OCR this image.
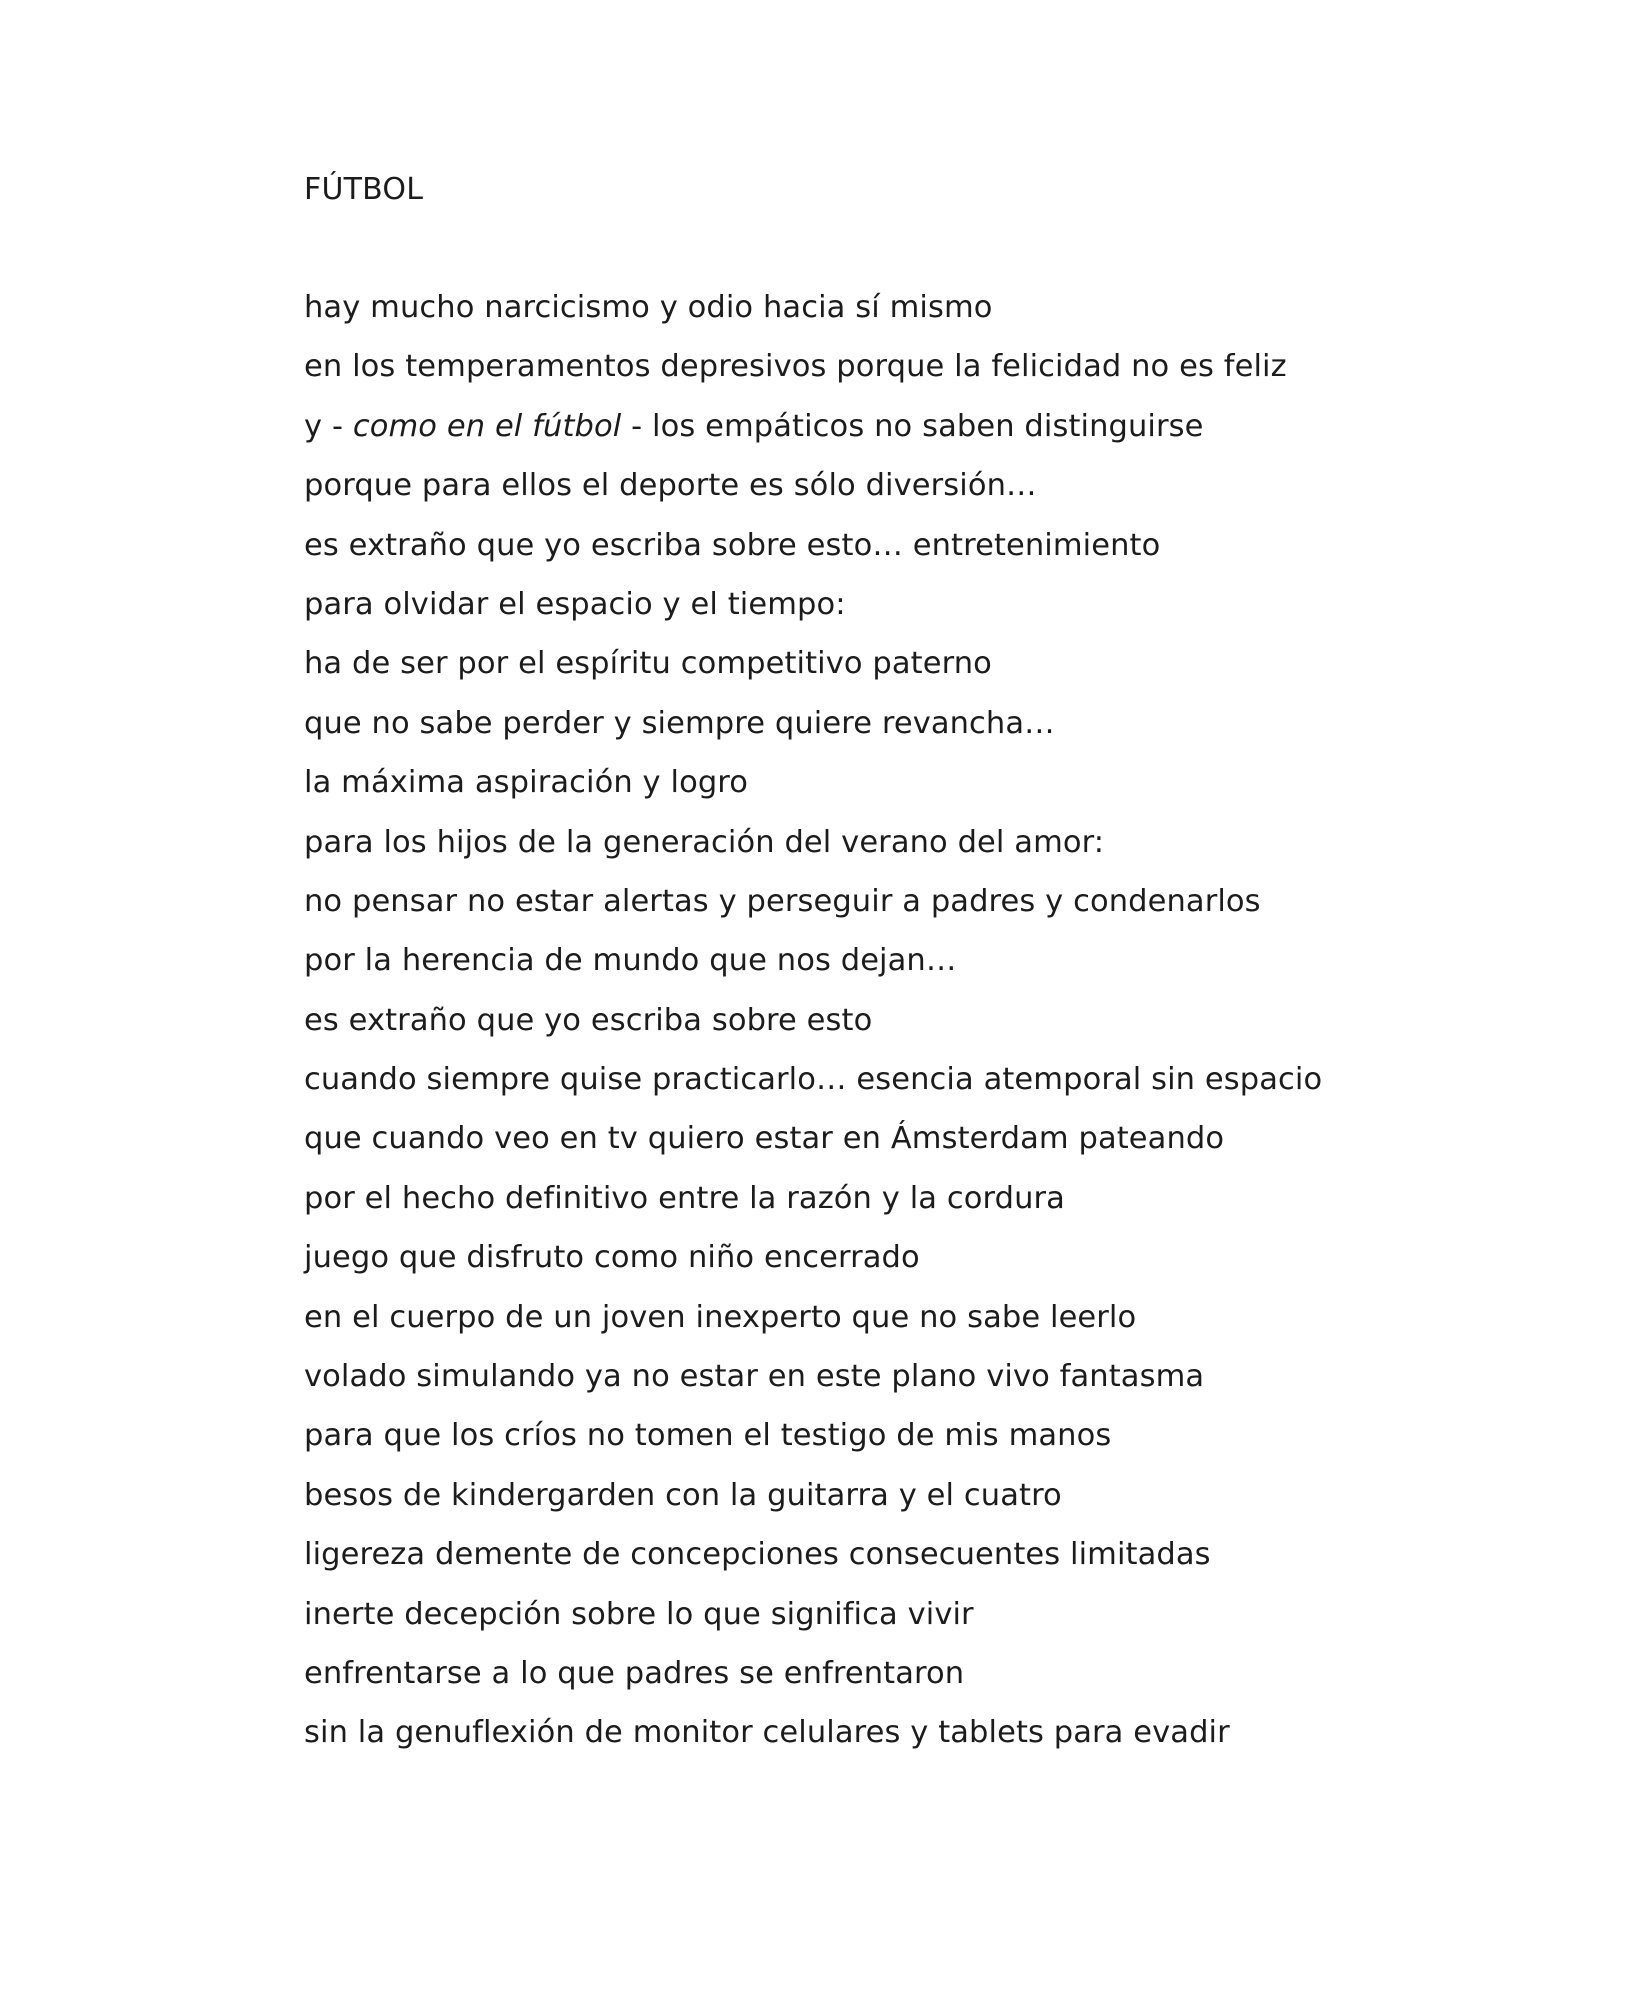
FÚTBOL
hay mucho narcicismo y odio hacia sí mismo
en los temperamentos depresivos porque la felicidad no es feliz
y - como en el fútbol - los empáticos no saben distinguirse
porque para ellos el deporte es sólo diversión…
es extraño que yo escriba sobre esto… entretenimiento
para olvidar el espacio y el tiempo:
ha de ser por el espíritu competitivo paterno
que no sabe perder y siempre quiere revancha…
la máxima aspiración y logro
para los hijos de la generación del verano del amor:
no pensar no estar alertas y perseguir a padres y condenarlos
por la herencia de mundo que nos dejan…
es extraño que yo escriba sobre esto
cuando siempre quise practicarlo… esencia atemporal sin espacio
que cuando veo en tv quiero estar en Ámsterdam pateando
por el hecho definitivo entre la razón y la cordura
juego que disfruto como niño encerrado
en el cuerpo de un joven inexperto que no sabe leerlo
volado simulando ya no estar en este plano vivo fantasma
para que los críos no tomen el testigo de mis manos
besos de kindergarden con la guitarra y el cuatro
ligereza demente de concepciones consecuentes limitadas
inerte decepción sobre lo que significa vivir
enfrentarse a lo que padres se enfrentaron
sin la genuflexión de monitor celulares y tablets para evadir
